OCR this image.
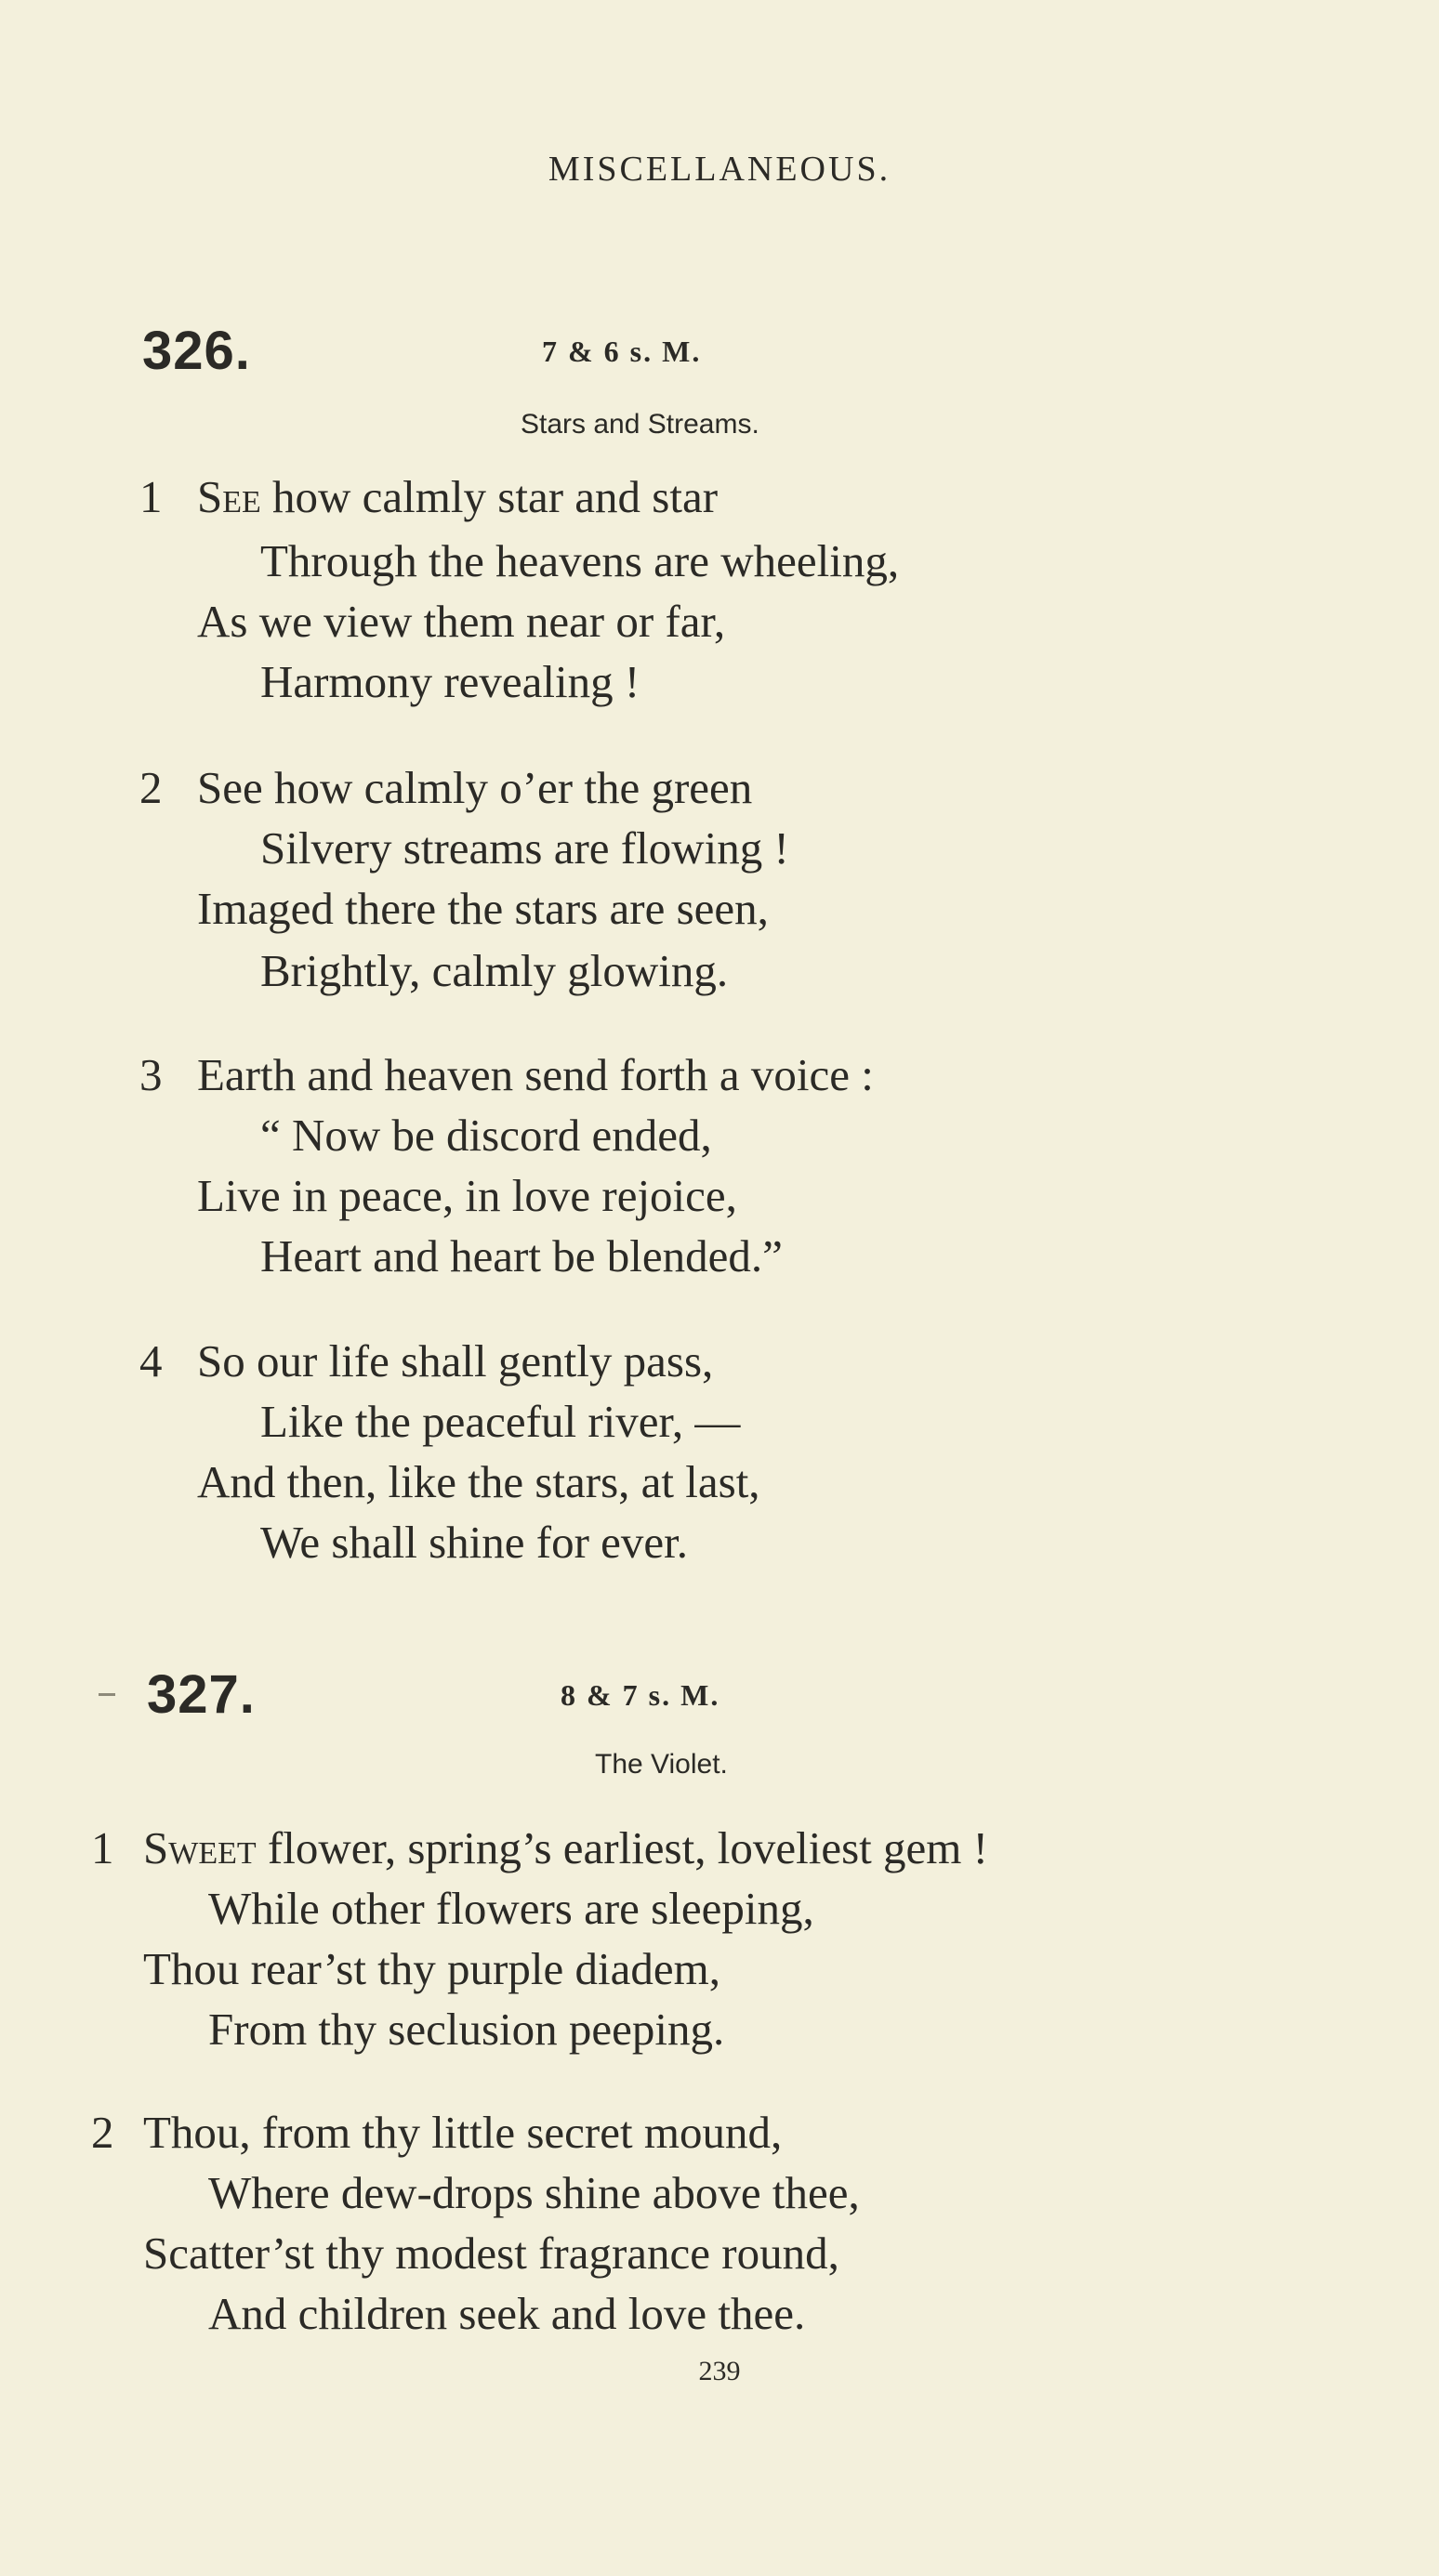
MISCELLANEOUS.
326.	7 & 6 s. M.
Stars and Streams.
1 See how calmly star and star
Through the heavens are wheeling,
As we view them near or far,
Harmony revealing !
2 See how calmly o’er the green
Silvery streams are flowing !
Imaged there the stars are seen,
Brightly, calmly glowing.
3 Earth and heaven send forth a voice :
“ Now be discord ended,
Live in peace, in love rejoice,
Heart and heart be blended.”
4 So our life shall gently pass,
Like the peaceful river, —
And then, like the stars, at last,
We shall shine for ever.
327.	8 & 7 s. M.
The Violet.
1 Sweet flower, spring’s earliest, loveliest gem !
While other flowers are sleeping,
Thou rear’st thy purple diadem,
From thy seclusion peeping.
2 Thou, from thy little secret mound,
Where dew-drops shine above thee,
Scatter’st thy modest fragrance round,
And children seek and love thee.
239
